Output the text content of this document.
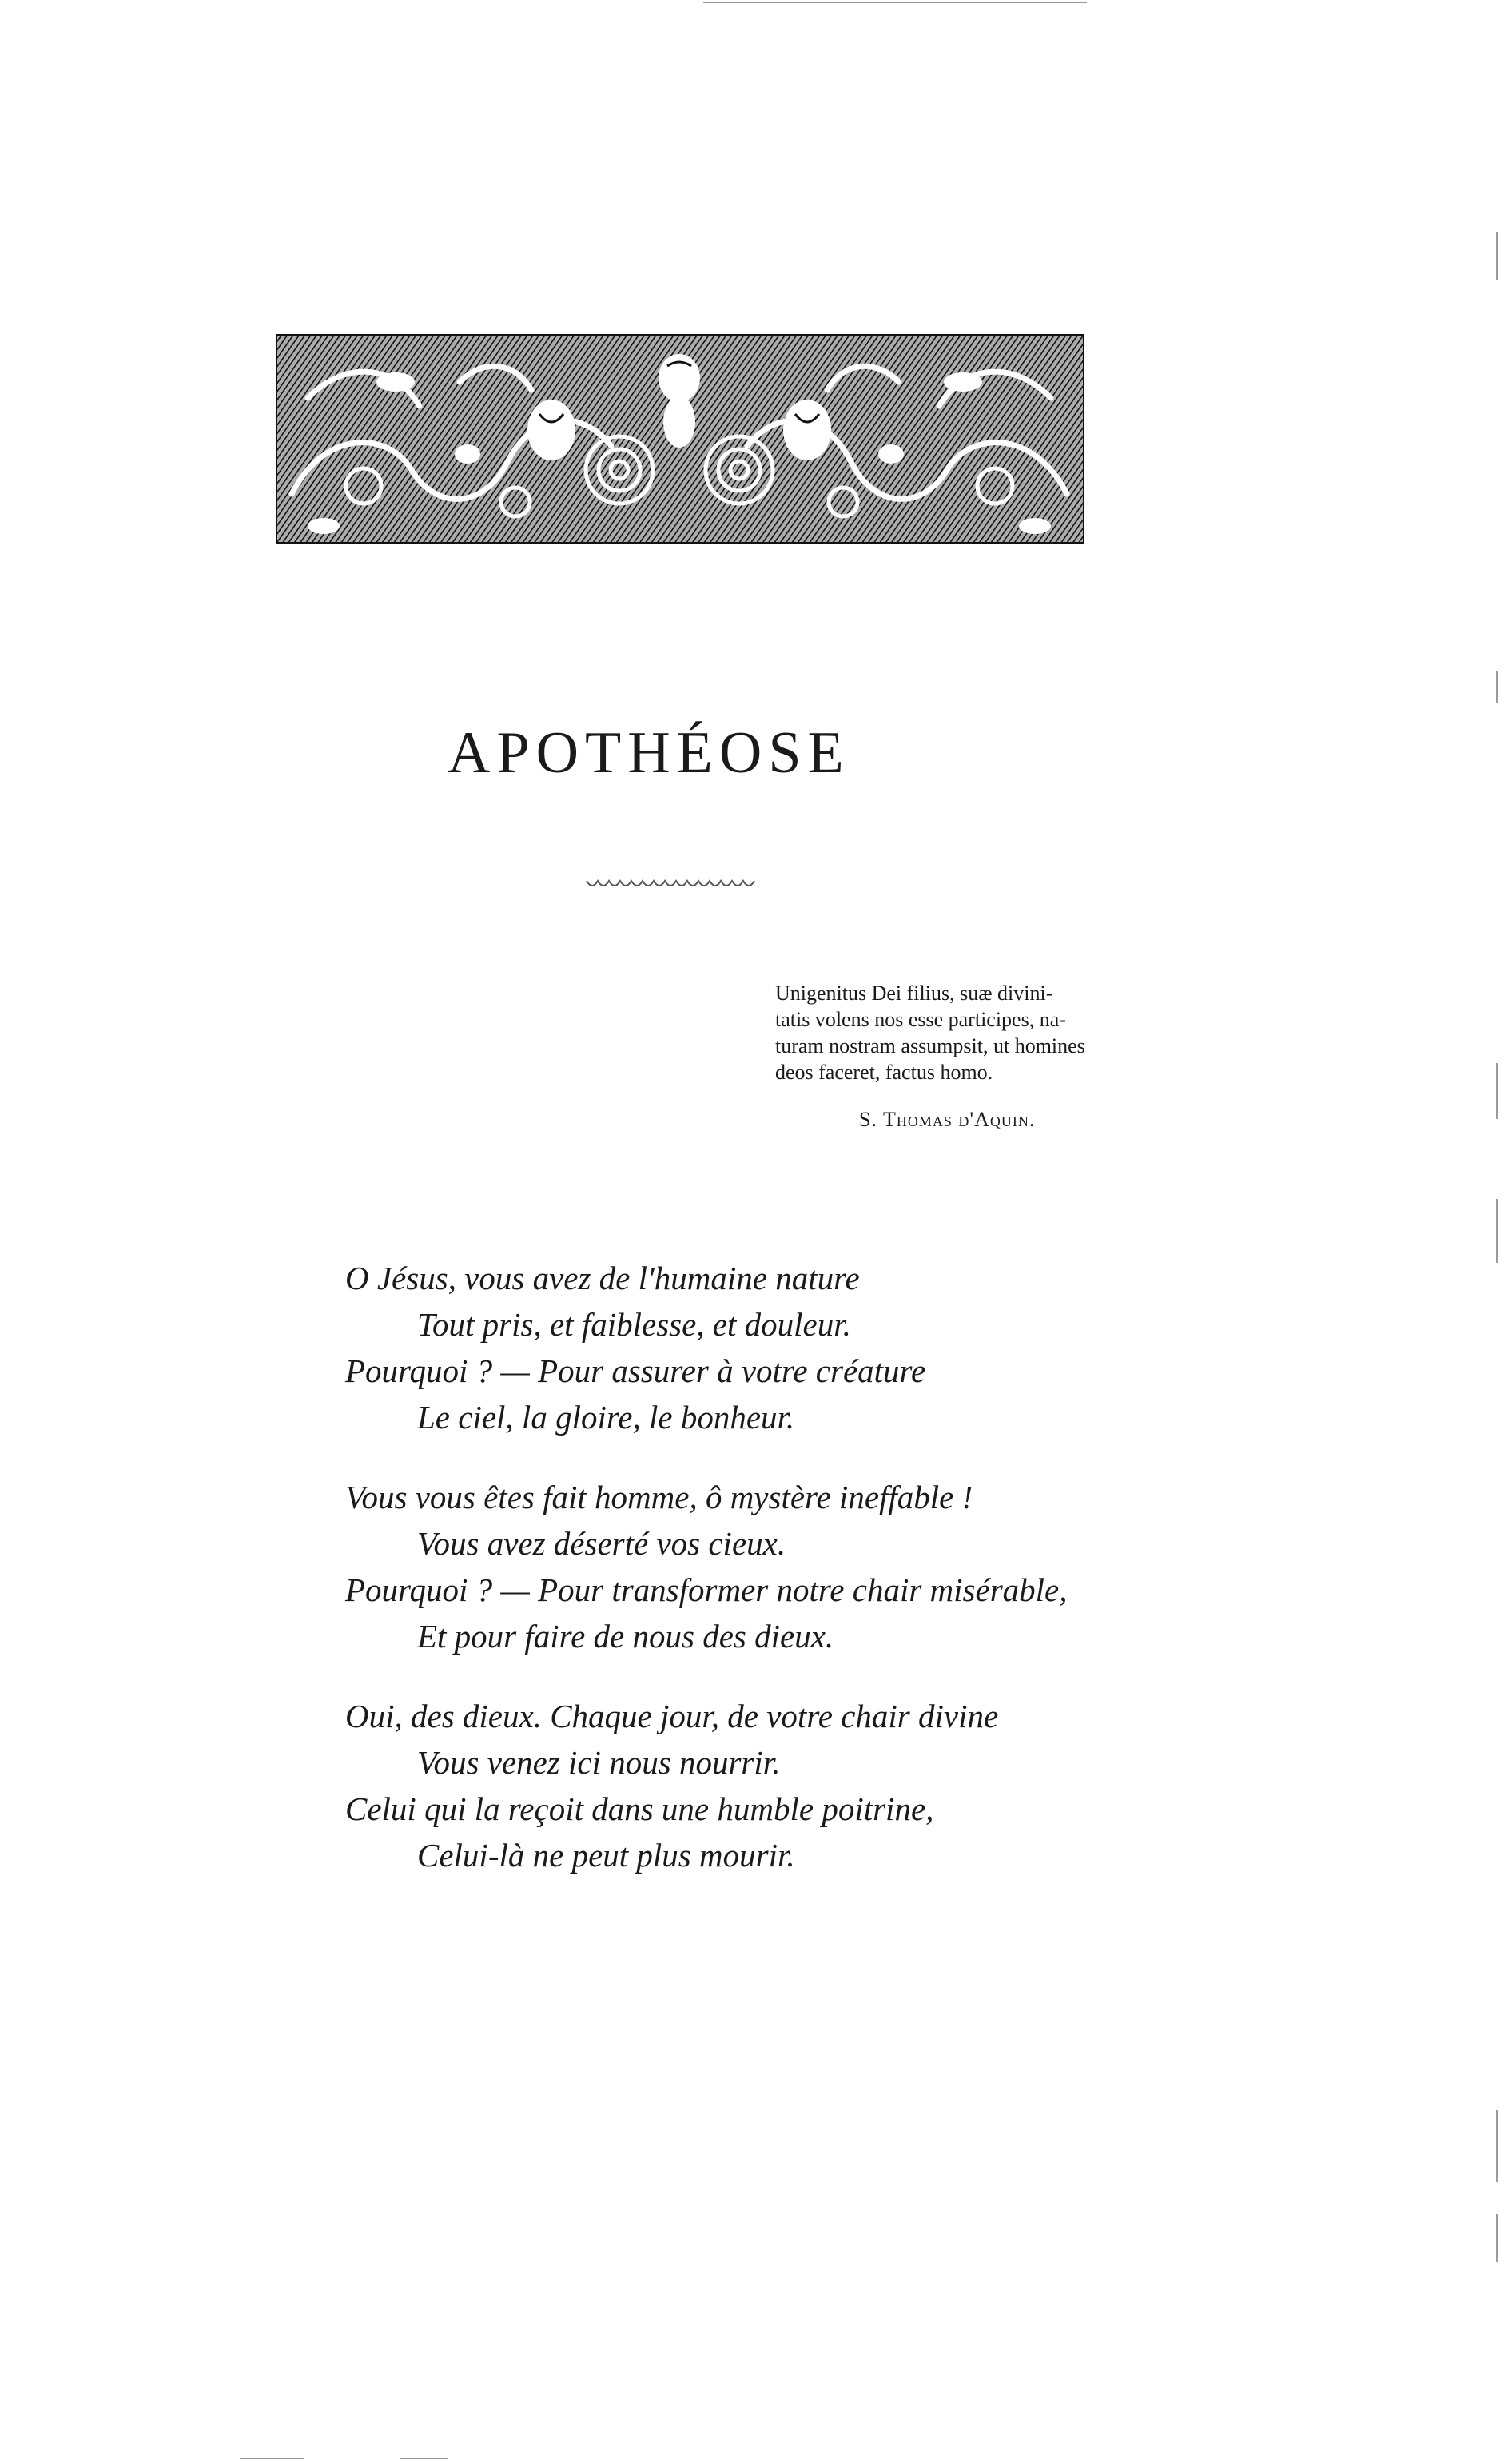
APOTHÉOSE
Unigenitus Dei filius, suæ divini-
tatis volens nos esse participes, na-
turam nostram assumpsit, ut homines
deos faceret, factus homo.
S. Thomas d'Aquin.
O Jésus, vous avez de l'humaine nature
Tout pris, et faiblesse, et douleur.
Pourquoi ? — Pour assurer à votre créature
Le ciel, la gloire, le bonheur.
Vous vous êtes fait homme, ô mystère ineffable !
Vous avez déserté vos cieux.
Pourquoi ? — Pour transformer notre chair misérable,
Et pour faire de nous des dieux.
Oui, des dieux. Chaque jour, de votre chair divine
Vous venez ici nous nourrir.
Celui qui la reçoit dans une humble poitrine,
Celui-là ne peut plus mourir.
